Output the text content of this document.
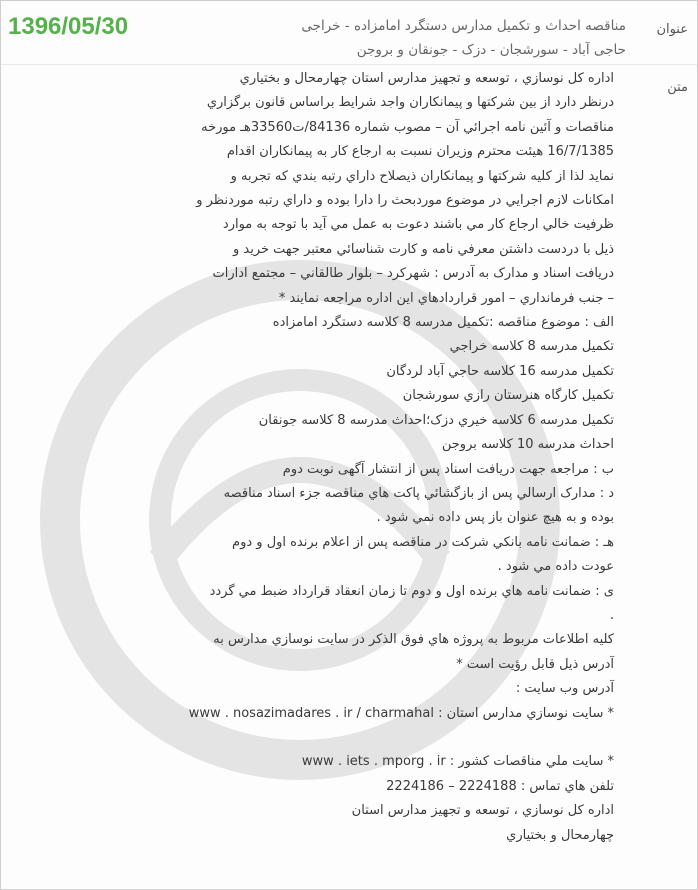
عنوان
متن
1396/05/30	مناقصه احداث و تكميل مدارس دستگرد امامزاده - خراجی
حاجی آباد - سورشجان - دزک - جونقان و بروجن
اداره کل نوسازي ، توسعه و تجهيز مدارس استان چهارمحال و بختياري
درنظر دارد از بين شرکتها و پيمانکاران واجد شرايط براساس قانون برگزاري
مناقصات و آئين نامه اجرائي آن – مصوب شماره 84136/ت33560هـ مورخه
16/7/1385 هيئت محترم وزيران نسبت به ارجاع کار به پيمانکاران اقدام
نمايد لذا از کليه شرکتها و پيمانکاران ذيصلاح داراي رتبه بندي که تجربه و
امکانات لازم اجرايي در موضوع موردبحث را دارا بوده و داراي رتبه موردنظر و
ظرفيت خالي ارجاع کار مي باشند دعوت به عمل مي آيد با توجه به موارد
ذيل با دردست داشتن معرفي نامه و کارت شناسائي معتبر جهت خريد و
دريافت اسناد و مدارک به آدرس : شهرکرد – بلوار طالقاني – مجتمع ادارات
– جنب فرمانداري – امور قراردادهاي اين اداره مراجعه نمايند *
الف : موضوع مناقصه :تکميل مدرسه 8 کلاسه دستگرد امامزاده
تکميل مدرسه 8 کلاسه خراجي
تکميل مدرسه 16 کلاسه حاجي آباد لردگان
تکميل کارگاه هنرستان رازي سورشجان
تکميل مدرسه 6 کلاسه خيري دزک؛احداث مدرسه 8 کلاسه جونقان
احداث مدرسه 10 کلاسه بروجن
ب : مراجعه جهت دريافت اسناد پس از انتشار آگهی نوبت دوم
د : مدارک ارسالي پس از بازگشائي پاکت هاي مناقصه جزء اسناد مناقصه
بوده و به هيچ عنوان باز پس داده نمي شود .
هـ : ضمانت نامه بانکي شرکت در مناقصه پس از اعلام برنده اول و دوم
عودت داده مي شود .
ی : ضمانت نامه هاي برنده اول و دوم تا زمان انعقاد قرارداد ضبط مي گردد
.
کليه اطلاعات مربوط به پروژه هاي فوق الذکر در سايت نوسازي مدارس به
آدرس ذيل قابل رؤيت است *
آدرس وب سايت :
* سايت نوسازي مدارس استان : www . nosazimadares . ir / charmahal

* سايت ملي مناقصات کشور : www . iets . mporg . ir
تلفن هاي تماس : 2224188 – 2224186
اداره کل نوسازي ، توسعه و تجهيز مدارس استان
چهارمحال و بختياري
